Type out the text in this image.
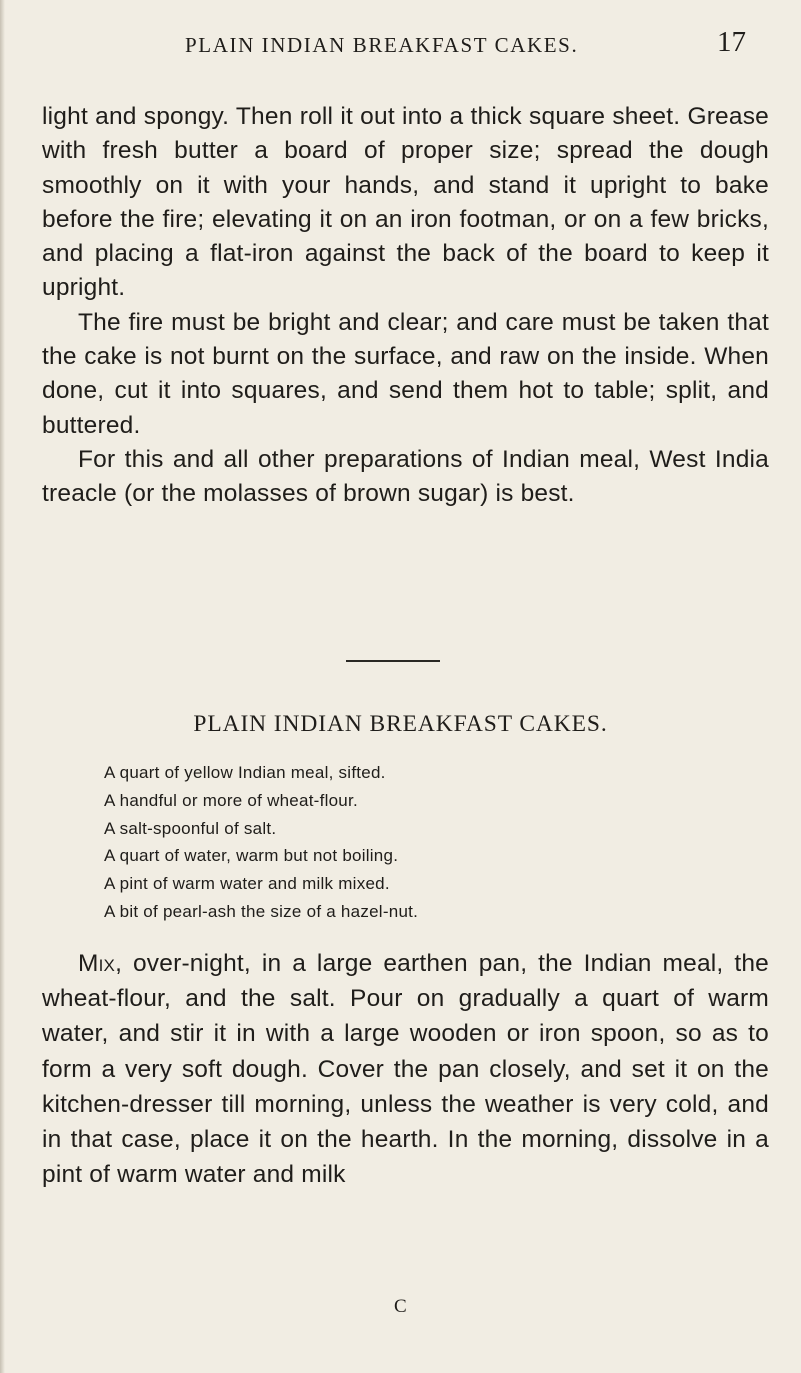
PLAIN INDIAN BREAKFAST CAKES.	17

light and spongy. Then roll it out into a thick square sheet. Grease with fresh butter a board of proper size; spread the dough smoothly on it with your hands, and stand it upright to bake before the fire; elevating it on an iron footman, or on a few bricks, and placing a flat-iron against the back of the board to keep it upright.

The fire must be bright and clear; and care must be taken that the cake is not burnt on the surface, and raw on the inside. When done, cut it into squares, and send them hot to table; split, and buttered.

For this and all other preparations of Indian meal, West India treacle (or the molasses of brown sugar) is best.

PLAIN INDIAN BREAKFAST CAKES.
A quart of yellow Indian meal, sifted.
A handful or more of wheat-flour.
A salt-spoonful of salt.
A quart of water, warm but not boiling.
A pint of warm water and milk mixed.
A bit of pearl-ash the size of a hazel-nut.

Mix, over-night, in a large earthen pan, the Indian meal, the wheat-flour, and the salt. Pour on gradually a quart of warm water, and stir it in with a large wooden or iron spoon, so as to form a very soft dough. Cover the pan closely, and set it on the kitchen-dresser till morning, unless the weather is very cold, and in that case, place it on the hearth. In the morning, dissolve in a pint of warm water and milk

C
